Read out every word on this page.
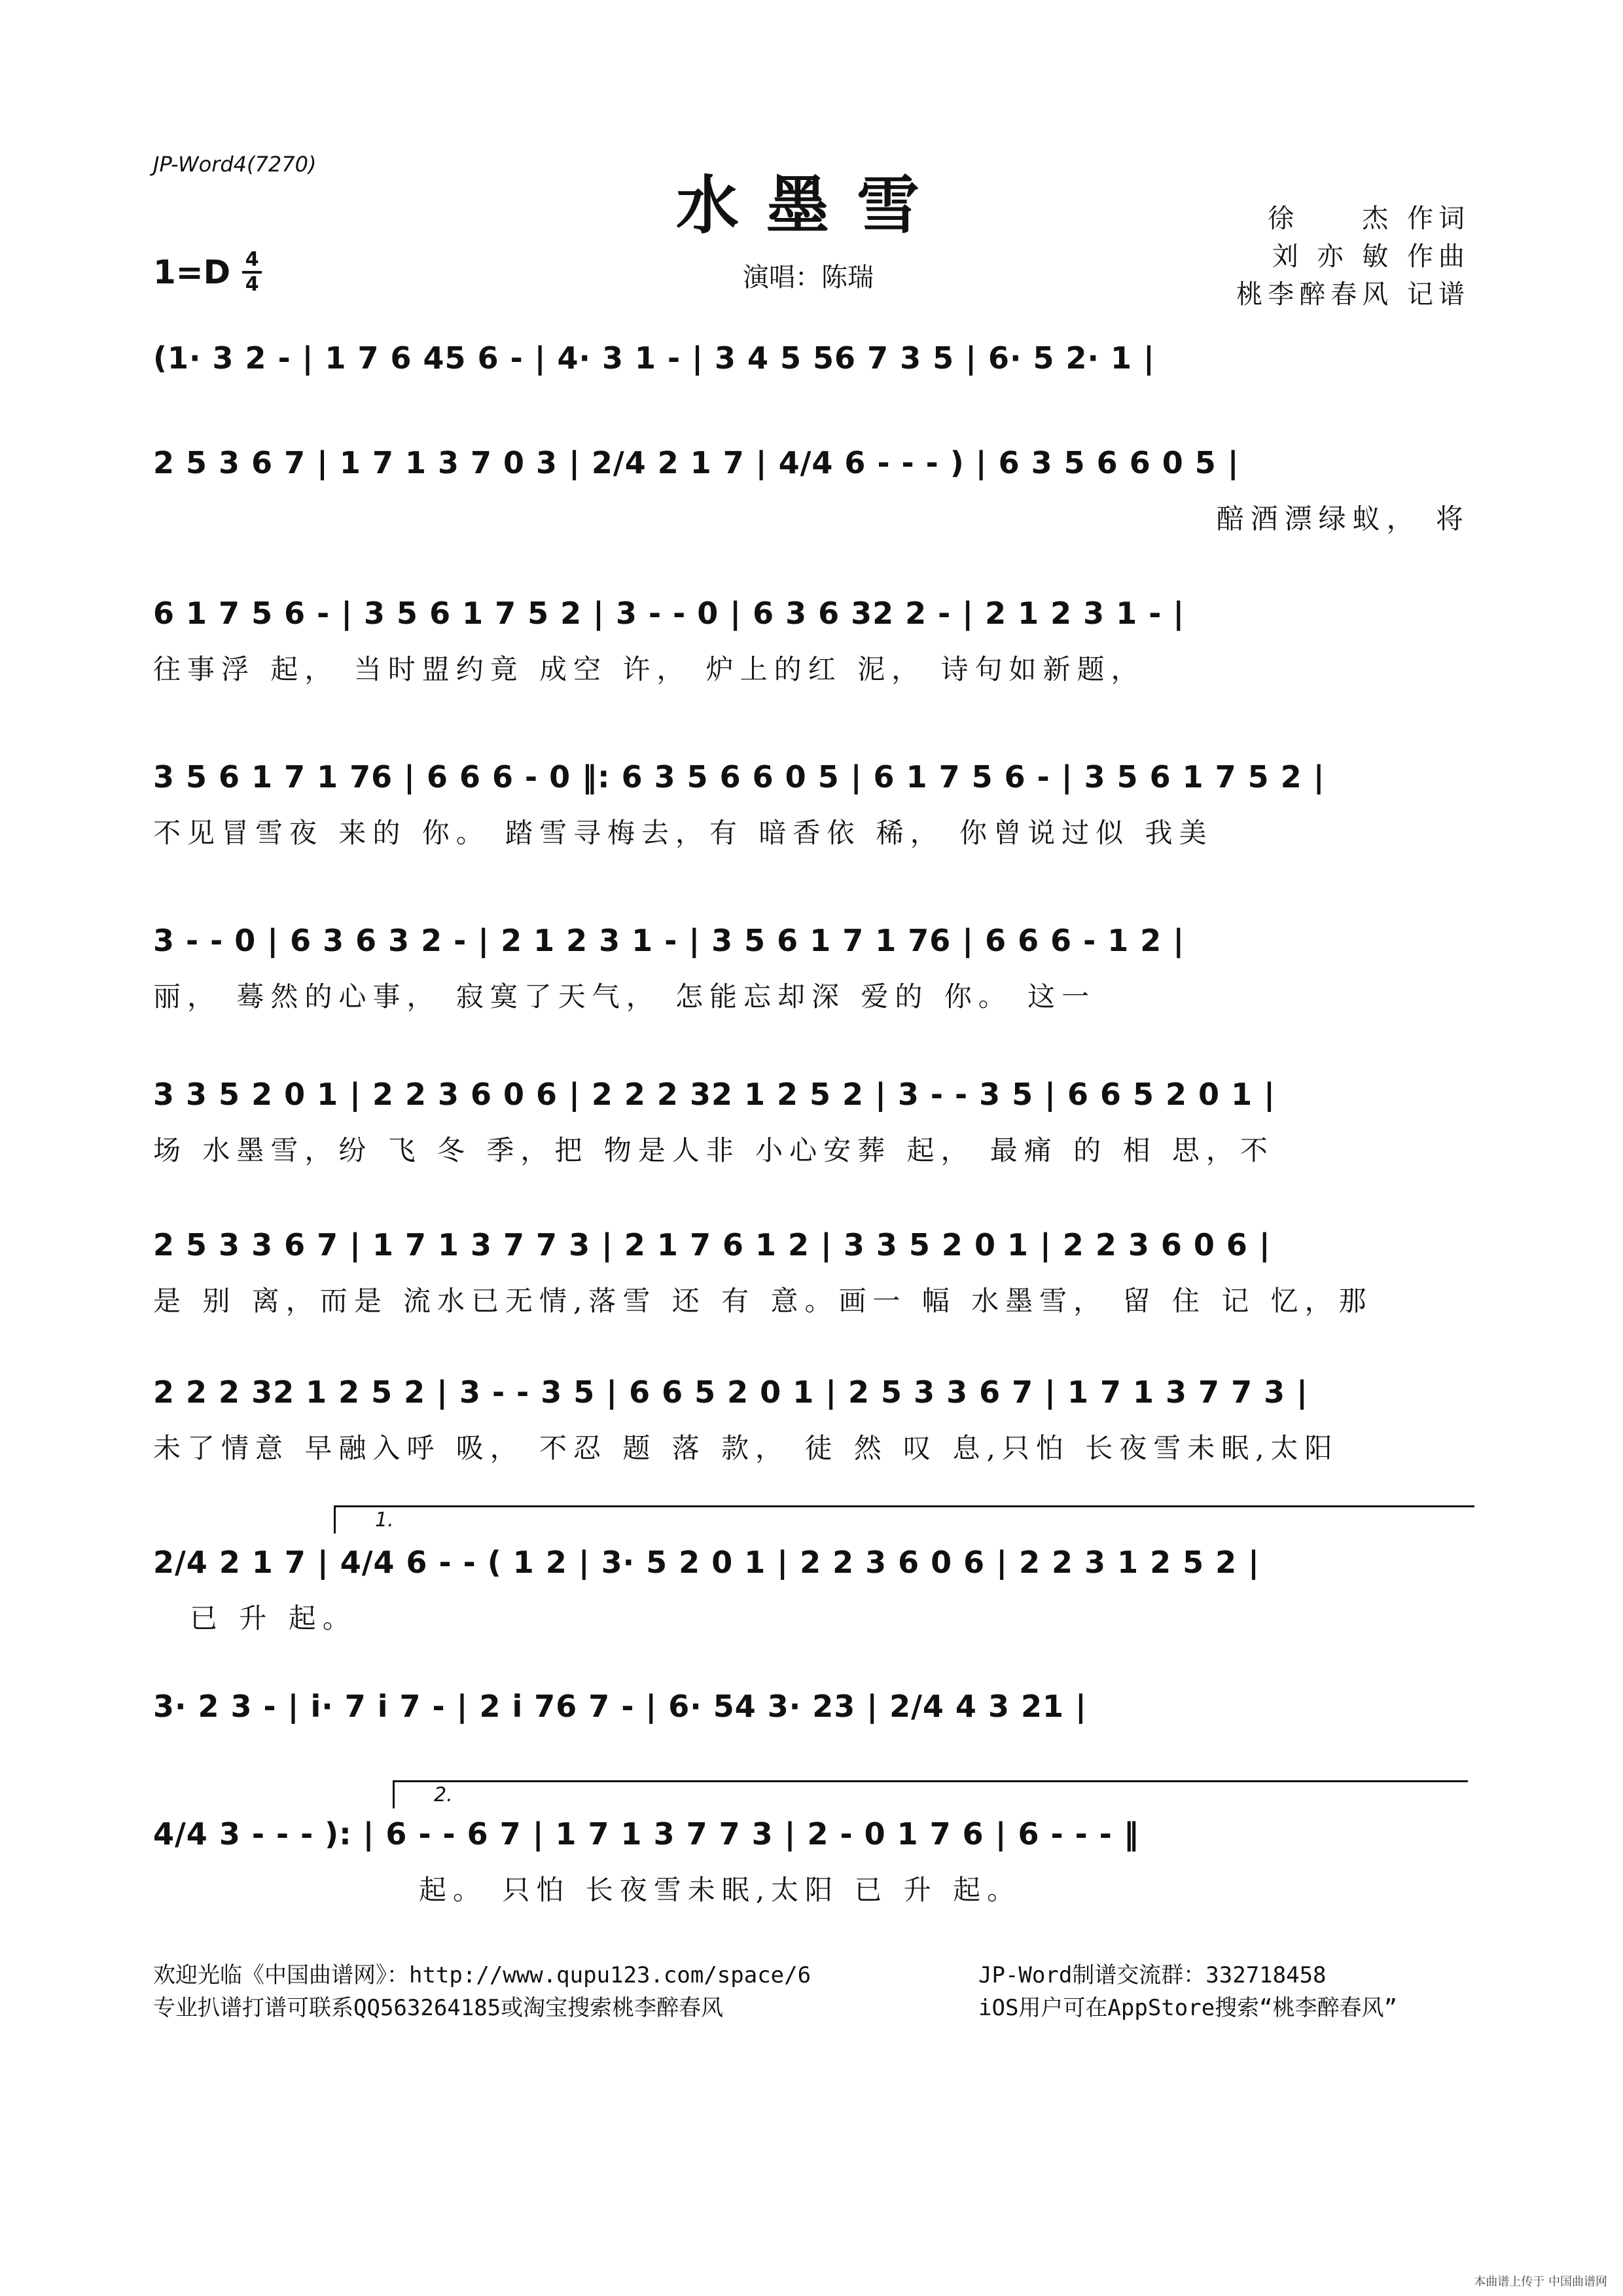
JP-Word4(7270)
水墨雪	徐　　杰 作词
刘 亦 敏 作曲
桃李醉春风 记谱
$1=D \frac{4}{4}$	演唱：陈瑞
(1· 3 2 - | 1 7 6 45 6 - | 4· 3 1 - | 3 4 5 56 7 3 5 | 6· 5 2· 1 |
2 5 3 6 7 | 1 7 1 3 7 0 3 | 2/4 2 1 7 | 4/4 6 - - - ) | 6 3 5 6 6 0 5 |
醅酒漂绿蚁， 将
6 1 7 5 6 - | 3 5 6 1 7 5 2 | 3 - - 0 | 6 3 6 32 2 - | 2 1 2 3 1 - |
往事浮 起， 当时盟约竟 成空 许， 炉上的红 泥， 诗句如新题，
3 5 6 1 7 1 76 | 6 6 6 - 0 ‖: 6 3 5 6 6 0 5 | 6 1 7 5 6 - | 3 5 6 1 7 5 2 |
不见冒雪夜 来的 你。 踏雪寻梅去，有 暗香依 稀， 你曾说过似 我美
3 - - 0 | 6 3 6 3 2 - | 2 1 2 3 1 - | 3 5 6 1 7 1 76 | 6 6 6 - 1 2 |
丽， 蓦然的心事， 寂寞了天气， 怎能忘却深 爱的 你。 这一
3 3 5 2 0 1 | 2 2 3 6 0 6 | 2 2 2 32 1 2 5 2 | 3 - - 3 5 | 6 6 5 2 0 1 |
场 水墨雪，纷 飞 冬 季，把 物是人非 小心安葬 起， 最痛 的 相 思，不
2 5 3 3 6 7 | 1 7 1 3 7 7 3 | 2 1 7 6 1 2 | 3 3 5 2 0 1 | 2 2 3 6 0 6 |
是 别 离，而是 流水已无情,落雪 还 有 意。画一 幅 水墨雪， 留 住 记 忆，那
2 2 2 32 1 2 5 2 | 3 - - 3 5 | 6 6 5 2 0 1 | 2 5 3 3 6 7 | 1 7 1 3 7 7 3 |
未了情意 早融入呼 吸， 不忍 题 落 款， 徒 然 叹 息,只怕 长夜雪未眠,太阳
1.
2/4 2 1 7 | 4/4 6 - - ( 1 2 | 3· 5 2 0 1 | 2 2 3 6 0 6 | 2 2 3 1 2 5 2 |
已 升 起。
3· 2 3 - | i· 7 i 7 - | 2 i 76 7 - | 6· 54 3· 23 | 2/4 4 3 21 |
2.
4/4 3 - - - ): | 6 - - 6 7 | 1 7 1 3 7 7 3 | 2 - 0 1 7 6 | 6 - - - ‖
起。 只怕 长夜雪未眠,太阳 已 升 起。
欢迎光临《中国曲谱网》：http://www.qupu123.com/space/6
专业扒谱打谱可联系QQ563264185或淘宝搜索桃李醉春风
JP-Word制谱交流群：332718458
iOS用户可在AppStore搜索“桃李醉春风”
本曲谱上传于 中国曲谱网
